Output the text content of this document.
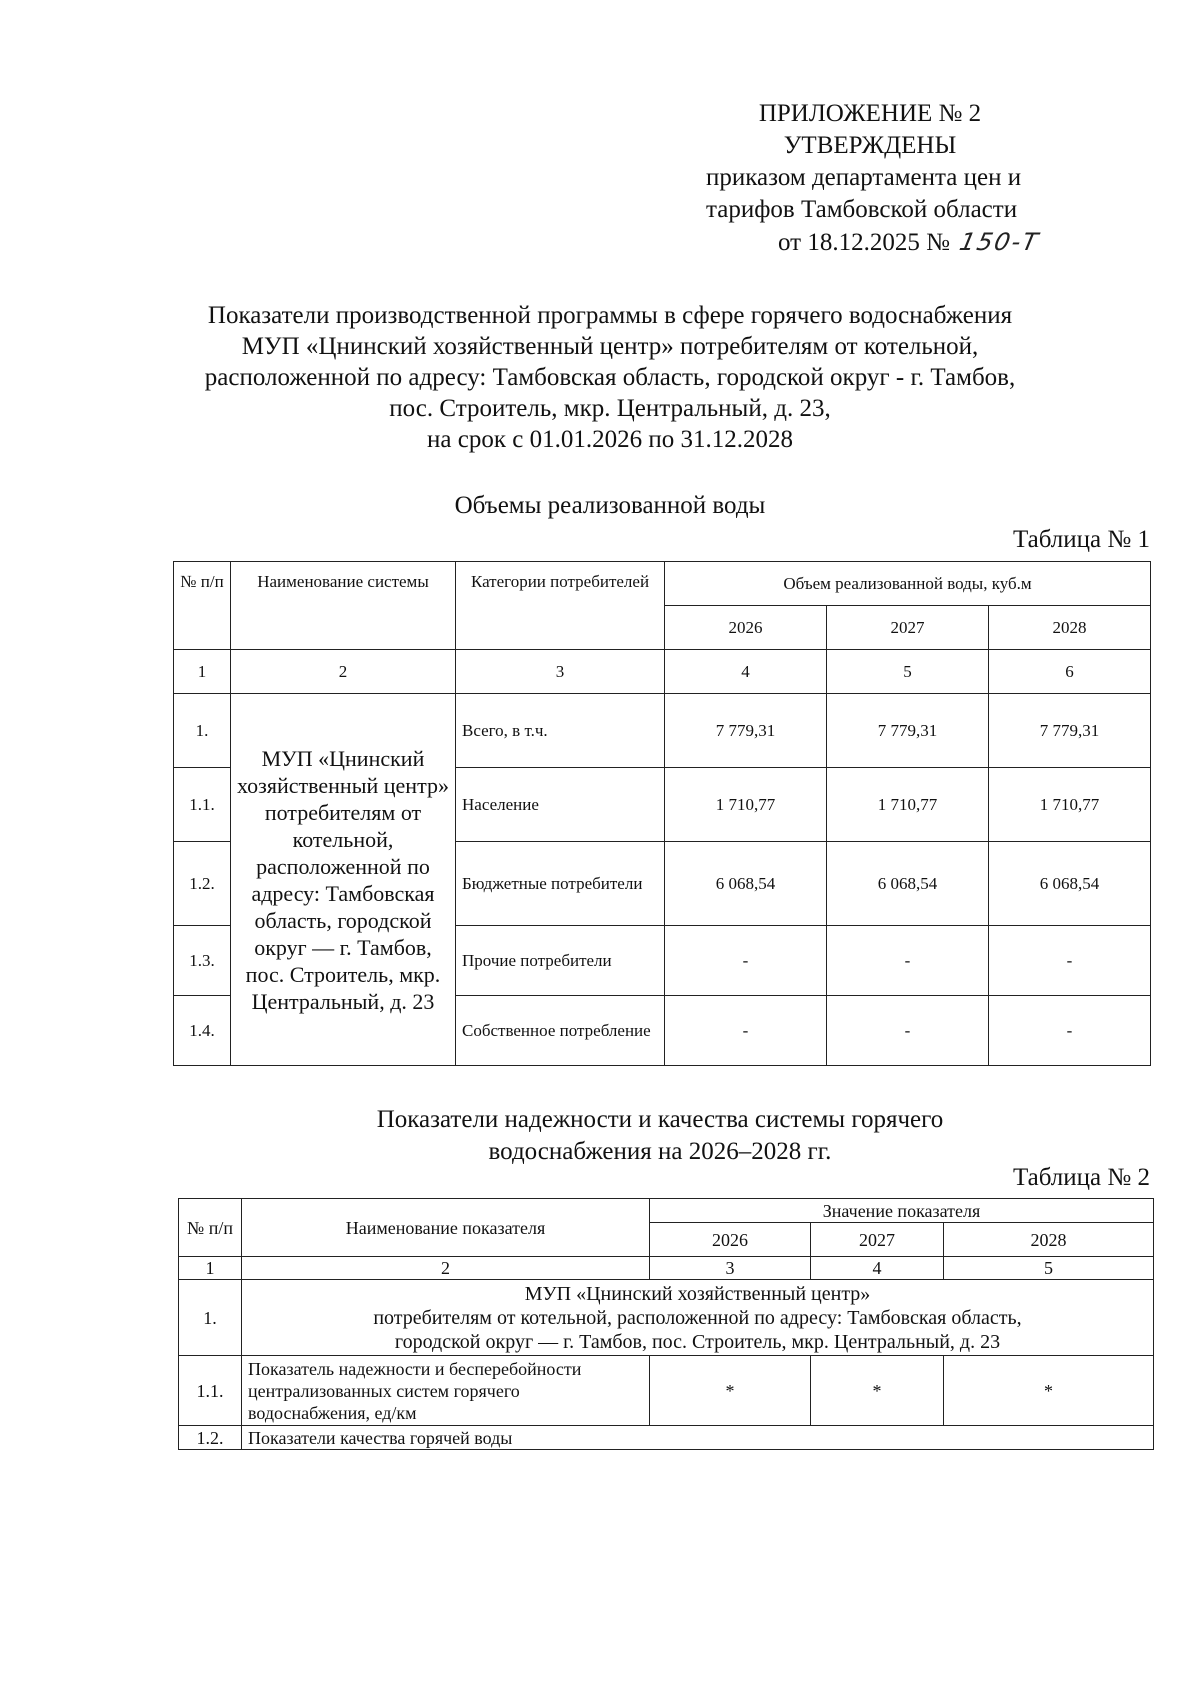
ПРИЛОЖЕНИЕ № 2
УТВЕРЖДЕНЫ
приказом департамента цен и
тарифов Тамбовской области
от 18.12.2025 № 150-Т
Показатели производственной программы в сфере горячего водоснабжения
МУП «Цнинский хозяйственный центр» потребителям от котельной,
расположенной по адресу: Тамбовская область, городской округ - г. Тамбов,
пос. Строитель, мкр. Центральный, д. 23,
на срок с 01.01.2026 по 31.12.2028
Объемы реализованной воды
Таблица № 1
№ п/п	Наименование системы	Категории потребителей	Объем реализованной воды, куб.м		
			2026	2027	2028
1	2	3	4	5	6
1.	МУП «Цнинский хозяйственный центр» потребителям от котельной, расположенной по адресу: Тамбовская область, городской округ — г. Тамбов, пос. Строитель, мкр. Центральный, д. 23	Всего, в т.ч.	7 779,31	7 779,31	7 779,31
1.1.		Население	1 710,77	1 710,77	1 710,77
1.2.		Бюджетные потребители	6 068,54	6 068,54	6 068,54
1.3.		Прочие потребители	-	-	-
1.4.		Собственное потребление	-	-	-
Показатели надежности и качества системы горячего
водоснабжения на 2026–2028 гг.
Таблица № 2
№ п/п	Наименование показателя	Значение показателя		
		2026	2027	2028
1	2	3	4	5
1.	МУП «Цнинский хозяйственный центр»
потребителям от котельной, расположенной по адресу: Тамбовская область,
городской округ — г. Тамбов, пос. Строитель, мкр. Центральный, д. 23			

1.1.	Показатель надежности и бесперебойности централизованных систем горячего водоснабжения, ед/км	*	*	*
1.2.	Показатели качества горячей воды			
